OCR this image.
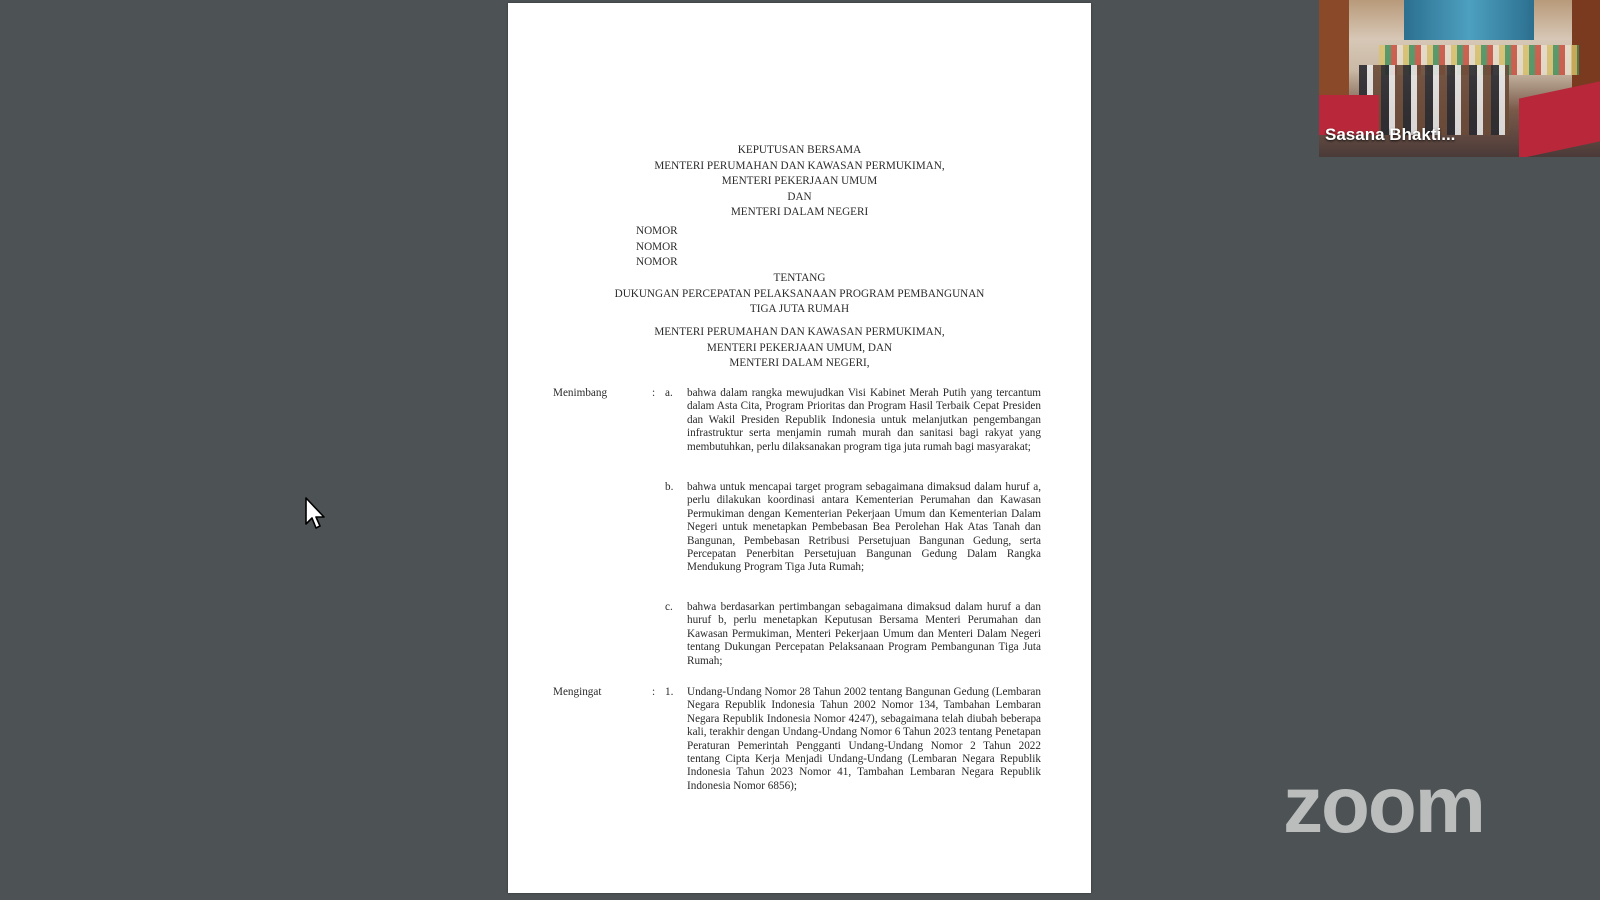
KEPUTUSAN BERSAMA
MENTERI PERUMAHAN DAN KAWASAN PERMUKIMAN,
MENTERI PEKERJAAN UMUM
DAN
MENTERI DALAM NEGERI
NOMOR
NOMOR
NOMOR
TENTANG
DUKUNGAN PERCEPATAN PELAKSANAAN PROGRAM PEMBANGUNAN
TIGA JUTA RUMAH
MENTERI PERUMAHAN DAN KAWASAN PERMUKIMAN,
MENTERI PEKERJAAN UMUM, DAN
MENTERI DALAM NEGERI,
Menimbang	: a. bahwa dalam rangka mewujudkan Visi Kabinet Merah Putih yang tercantum dalam Asta Cita, Program Prioritas dan Program Hasil Terbaik Cepat Presiden dan Wakil Presiden Republik Indonesia untuk melanjutkan pengembangan infrastruktur serta menjamin rumah murah dan sanitasi bagi rakyat yang membutuhkan, perlu dilaksanakan program tiga juta rumah bagi masyarakat;
b. bahwa untuk mencapai target program sebagaimana dimaksud dalam huruf a, perlu dilakukan koordinasi antara Kementerian Perumahan dan Kawasan Permukiman dengan Kementerian Pekerjaan Umum dan Kementerian Dalam Negeri untuk menetapkan Pembebasan Bea Perolehan Hak Atas Tanah dan Bangunan, Pembebasan Retribusi Persetujuan Bangunan Gedung, serta Percepatan Penerbitan Persetujuan Bangunan Gedung Dalam Rangka Mendukung Program Tiga Juta Rumah;
c. bahwa berdasarkan pertimbangan sebagaimana dimaksud dalam huruf a dan huruf b, perlu menetapkan Keputusan Bersama Menteri Perumahan dan Kawasan Permukiman, Menteri Pekerjaan Umum dan Menteri Dalam Negeri tentang Dukungan Percepatan Pelaksanaan Program Pembangunan Tiga Juta Rumah;
Mengingat	: 1. Undang-Undang Nomor 28 Tahun 2002 tentang Bangunan Gedung (Lembaran Negara Republik Indonesia Tahun 2002 Nomor 134, Tambahan Lembaran Negara Republik Indonesia Nomor 4247), sebagaimana telah diubah beberapa kali, terakhir dengan Undang-Undang Nomor 6 Tahun 2023 tentang Penetapan Peraturan Pemerintah Pengganti Undang-Undang Nomor 2 Tahun 2022 tentang Cipta Kerja Menjadi Undang-Undang (Lembaran Negara Republik Indonesia Tahun 2023 Nomor 41, Tambahan Lembaran Negara Republik Indonesia Nomor 6856);
Sasana Bhakti...
zoom
